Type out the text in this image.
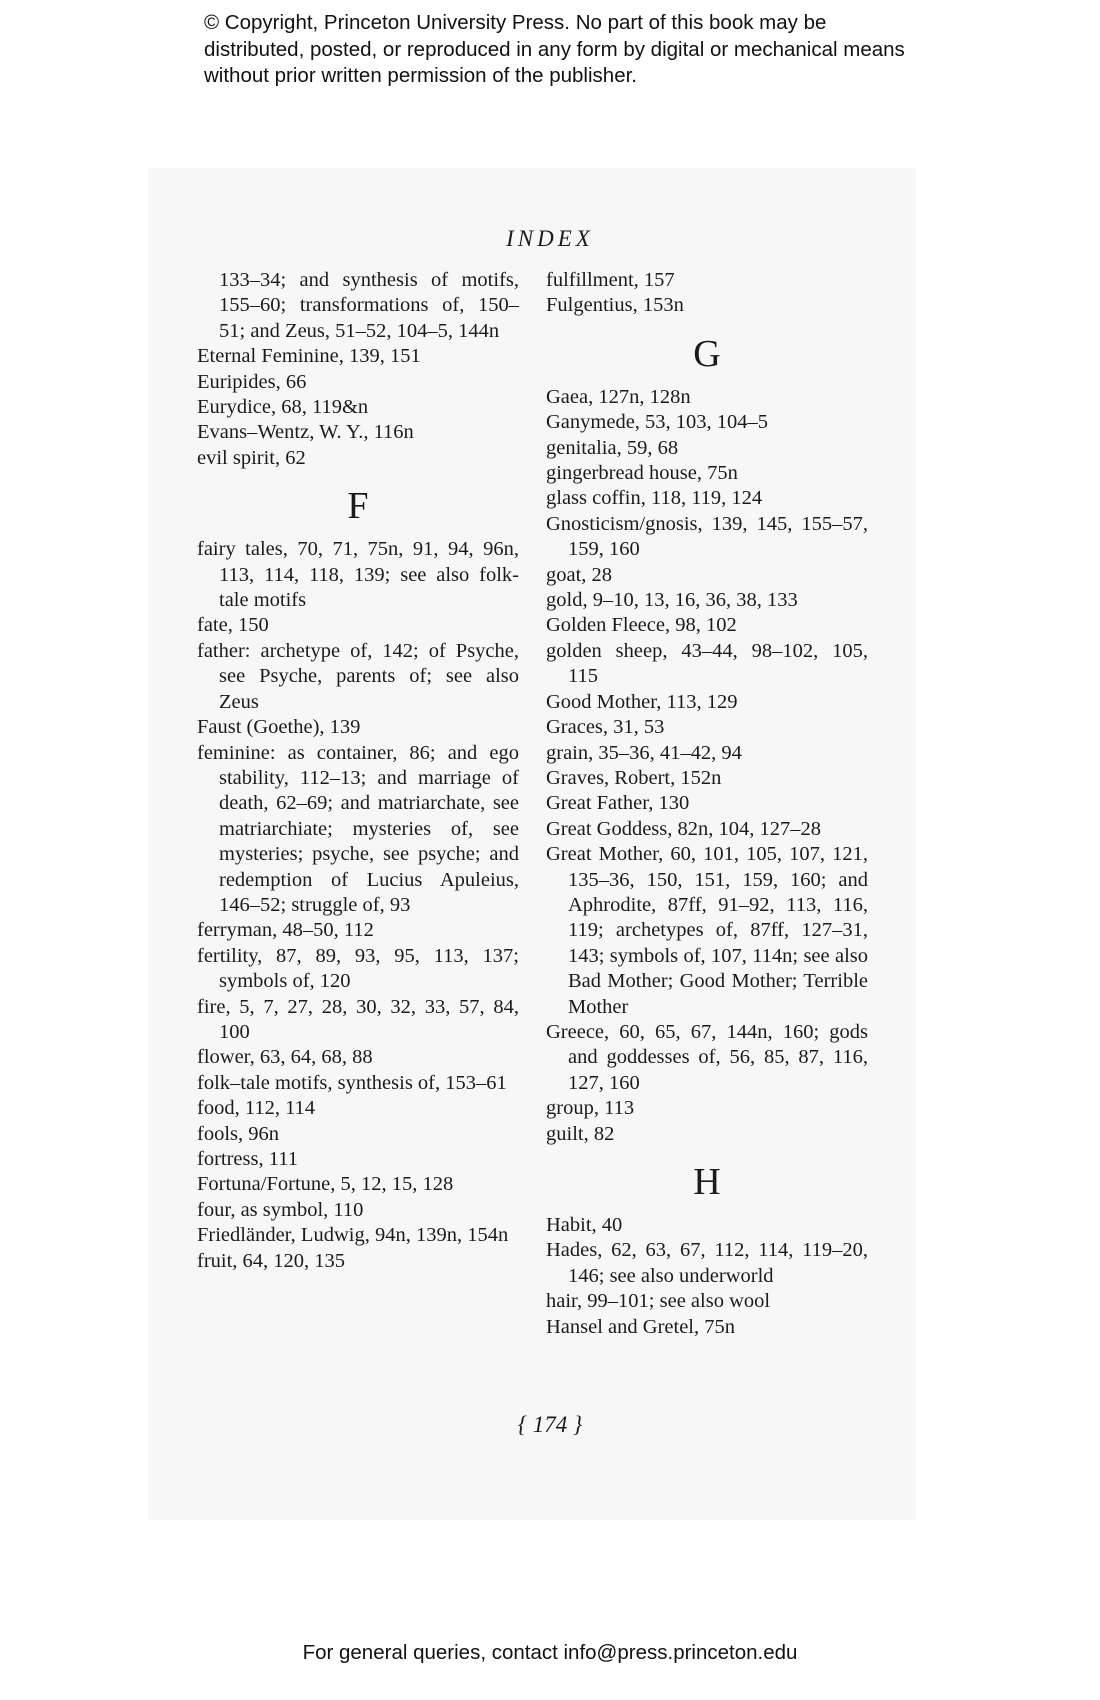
© Copyright, Princeton University Press. No part of this book may be distributed, posted, or reproduced in any form by digital or mechanical means without prior written permission of the publisher.
INDEX
133–34; and synthesis of motifs, 155–60; transformations of, 150–51; and Zeus, 51–52, 104–5, 144n
Eternal Feminine, 139, 151
Euripides, 66
Eurydice, 68, 119&n
Evans–Wentz, W. Y., 116n
evil spirit, 62
F
fairy tales, 70, 71, 75n, 91, 94, 96n, 113, 114, 118, 139; see also folk-tale motifs
fate, 150
father: archetype of, 142; of Psyche, see Psyche, parents of; see also Zeus
Faust (Goethe), 139
feminine: as container, 86; and ego stability, 112–13; and marriage of death, 62–69; and matriarchate, see matriarchiate; mysteries of, see mysteries; psyche, see psyche; and redemption of Lucius Apuleius, 146–52; struggle of, 93
ferryman, 48–50, 112
fertility, 87, 89, 93, 95, 113, 137; symbols of, 120
fire, 5, 7, 27, 28, 30, 32, 33, 57, 84, 100
flower, 63, 64, 68, 88
folk–tale motifs, synthesis of, 153–61
food, 112, 114
fools, 96n
fortress, 111
Fortuna/Fortune, 5, 12, 15, 128
four, as symbol, 110
Friedländer, Ludwig, 94n, 139n, 154n
fruit, 64, 120, 135
fulfillment, 157
Fulgentius, 153n
G
Gaea, 127n, 128n
Ganymede, 53, 103, 104–5
genitalia, 59, 68
gingerbread house, 75n
glass coffin, 118, 119, 124
Gnosticism/gnosis, 139, 145, 155–57, 159, 160
goat, 28
gold, 9–10, 13, 16, 36, 38, 133
Golden Fleece, 98, 102
golden sheep, 43–44, 98–102, 105, 115
Good Mother, 113, 129
Graces, 31, 53
grain, 35–36, 41–42, 94
Graves, Robert, 152n
Great Father, 130
Great Goddess, 82n, 104, 127–28
Great Mother, 60, 101, 105, 107, 121, 135–36, 150, 151, 159, 160; and Aphrodite, 87ff, 91–92, 113, 116, 119; archetypes of, 87ff, 127–31, 143; symbols of, 107, 114n; see also Bad Mother; Good Mother; Terrible Mother
Greece, 60, 65, 67, 144n, 160; gods and goddesses of, 56, 85, 87, 116, 127, 160
group, 113
guilt, 82
H
Habit, 40
Hades, 62, 63, 67, 112, 114, 119–20, 146; see also underworld
hair, 99–101; see also wool
Hansel and Gretel, 75n
{ 174 }
For general queries, contact info@press.princeton.edu
